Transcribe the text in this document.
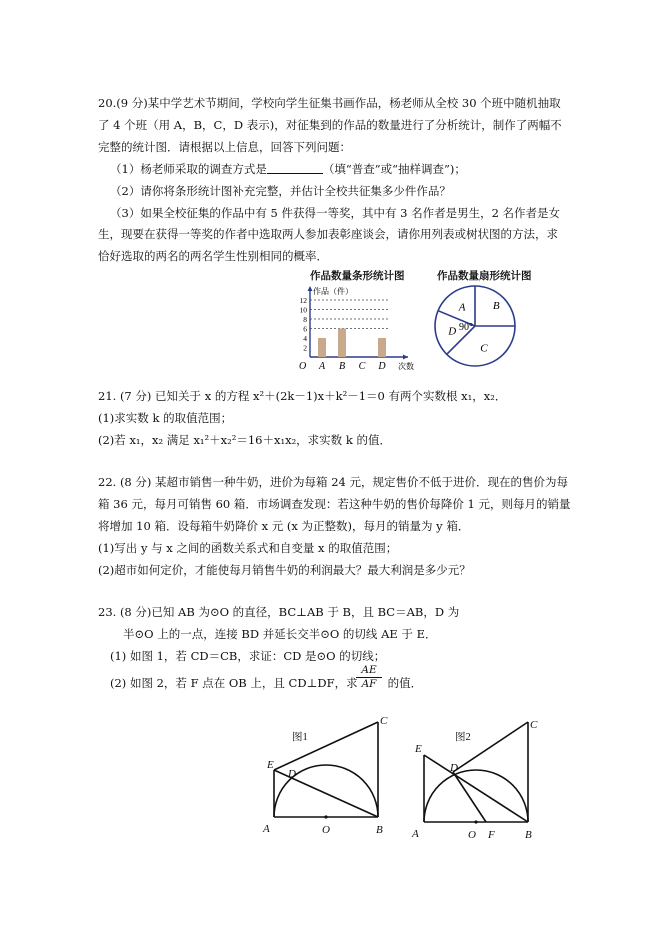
20.(9 分)某中学艺术节期间，学校向学生征集书画作品，杨老师从全校 30 个班中随机抽取
了 4 个班（用 A，B，C，D 表示)，对征集到的作品的数量进行了分析统计，制作了两幅不
完整的统计图．请根据以上信息，回答下列问题：
（1）杨老师采取的调查方式是	（填“普查”或“抽样调查”)；
（2）请你将条形统计图补充完整，并估计全校共征集多少件作品？
（3）如果全校征集的作品中有 5 件获得一等奖，其中有 3 名作者是男生，2 名作者是女
生，现要在获得一等奖的作者中选取两人参加表彰座谈会，请你用列表或树状图的方法，求
恰好选取的两名的两名学生性别相同的概率．
作品数量条形统计图	作品数量扇形统计图
作品（件）
次数
O
2
4
6
8
10
12
A B C D
B
C
D
A
90°
21. (7 分) 已知关于 x 的方程 x²＋(2k－1)x＋k²－1＝0 有两个实数根 x₁，x₂．
(1)求实数 k 的取值范围；
(2)若 x₁，x₂ 满足 x₁²＋x₂²＝16＋x₁x₂，求实数 k 的值．
22. (8 分) 某超市销售一种牛奶，进价为每箱 24 元，规定售价不低于进价．现在的售价为每
箱 36 元，每月可销售 60 箱．市场调查发现：若这种牛奶的售价每降价 1 元，则每月的销量
将增加 10 箱．设每箱牛奶降价 x 元 (x 为正整数)，每月的销量为 y 箱．
(1)写出 y 与 x 之间的函数关系式和自变量 x 的取值范围；
(2)超市如何定价，才能使每月销售牛奶的利润最大？最大利润是多少元？
23. (8 分)已知 AB 为⊙O 的直径，BC⊥AB 于 B，且 BC＝AB，D 为
半⊙O 上的一点，连接 BD 并延长交半⊙O 的切线 AE 于 E．
(1) 如图 1，若 CD＝CB，求证：CD 是⊙O 的切线；
(2) 如图 2，若 F 点在 OB 上，且 CD⊥DF，求	的值．
$\frac{AE}{AF}$
图1
C
E
D
A	O	B
图2
C
E
D
A	O F	B
